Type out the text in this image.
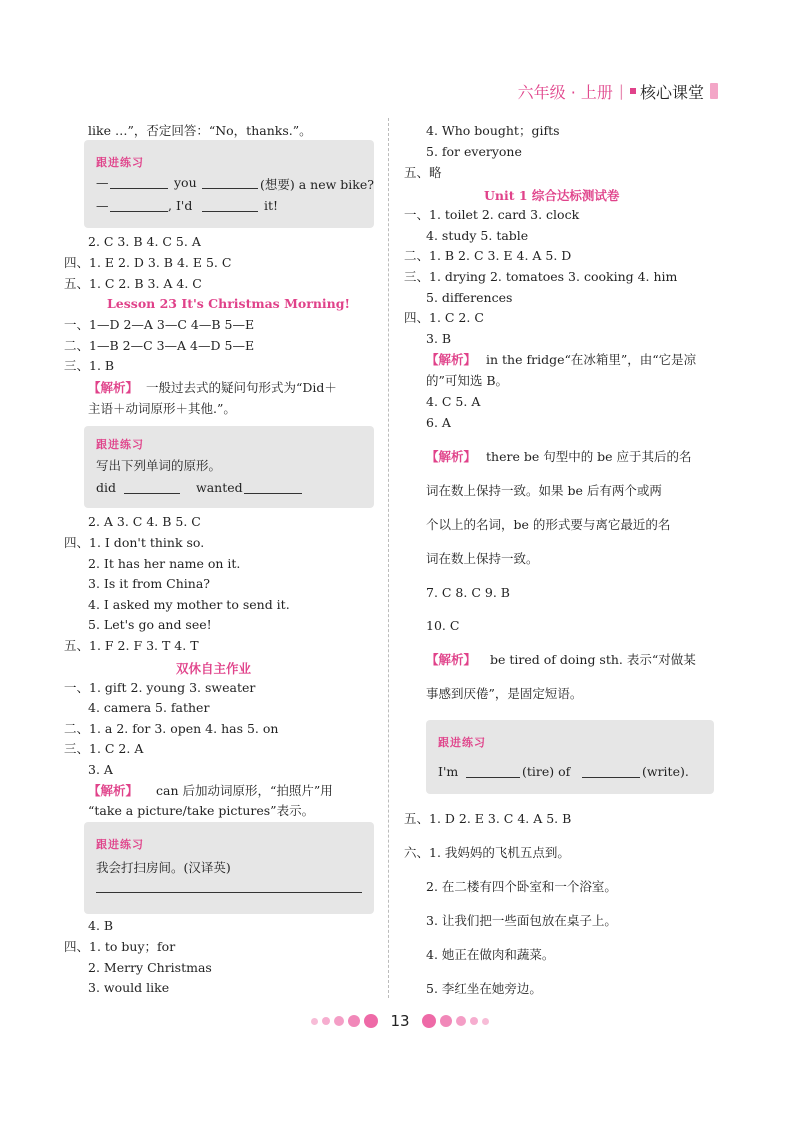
六年级 · 上册 | 核心课堂
like …”，否定回答：“No，thanks.”。
2. C 3. B 4. C 5. A
四、1. E 2. D 3. B 4. E 5. C
五、1. C 2. B 3. A 4. C
一、1—D 2—A 3—C 4—B 5—E
二、1—B 2—C 3—A 4—D 5—E
三、1. B
一般过去式的疑问句形式为“Did＋
主语＋动词原形＋其他.”。
2. A 3. C 4. B 5. C
四、1. I don't think so.
2. It has her name on it.
3. Is it from China?
4. I asked my mother to send it.
5. Let's go and see!
五、1. F 2. F 3. T 4. T
一、1. gift 2. young 3. sweater
4. camera 5. father
二、1. a 2. for 3. open 4. has 5. on
三、1. C 2. A
3. A
can 后加动词原形，“拍照片”用
“take a picture/take pictures”表示。
4. B
四、1. to buy；for
2. Merry Christmas
3. would like
【解析】
【解析】
Lesson 23 It's Christmas Morning!
双休自主作业
4. Who bought；gifts
5. for everyone
五、略
一、1. toilet 2. card 3. clock
4. study 5. table
二、1. B 2. C 3. E 4. A 5. D
三、1. drying 2. tomatoes 3. cooking 4. him
5. differences
四、1. C 2. C
3. B
in the fridge“在冰箱里”，由“它是凉
的”可知选 B。
4. C 5. A
6. A
there be 句型中的 be 应于其后的名
词在数上保持一致。如果 be 后有两个或两
个以上的名词，be 的形式要与离它最近的名
词在数上保持一致。
7. C 8. C 9. B
10. C
be tired of doing sth. 表示“对做某
事感到厌倦”，是固定短语。
五、1. D 2. E 3. C 4. A 5. B
六、1. 我妈妈的飞机五点到。
2. 在二楼有四个卧室和一个浴室。
3. 让我们把一些面包放在桌子上。
4. 她正在做肉和蔬菜。
5. 李红坐在她旁边。
【解析】
【解析】
【解析】
Unit 1 综合达标测试卷
跟进练习
—	you	(想要) a new bike?
—	, I'd	it!
跟进练习
写出下列单词的原形。
did	wanted
跟进练习
我会打扫房间。(汉译英)
跟进练习
I'm	(tire) of	(write).
13
